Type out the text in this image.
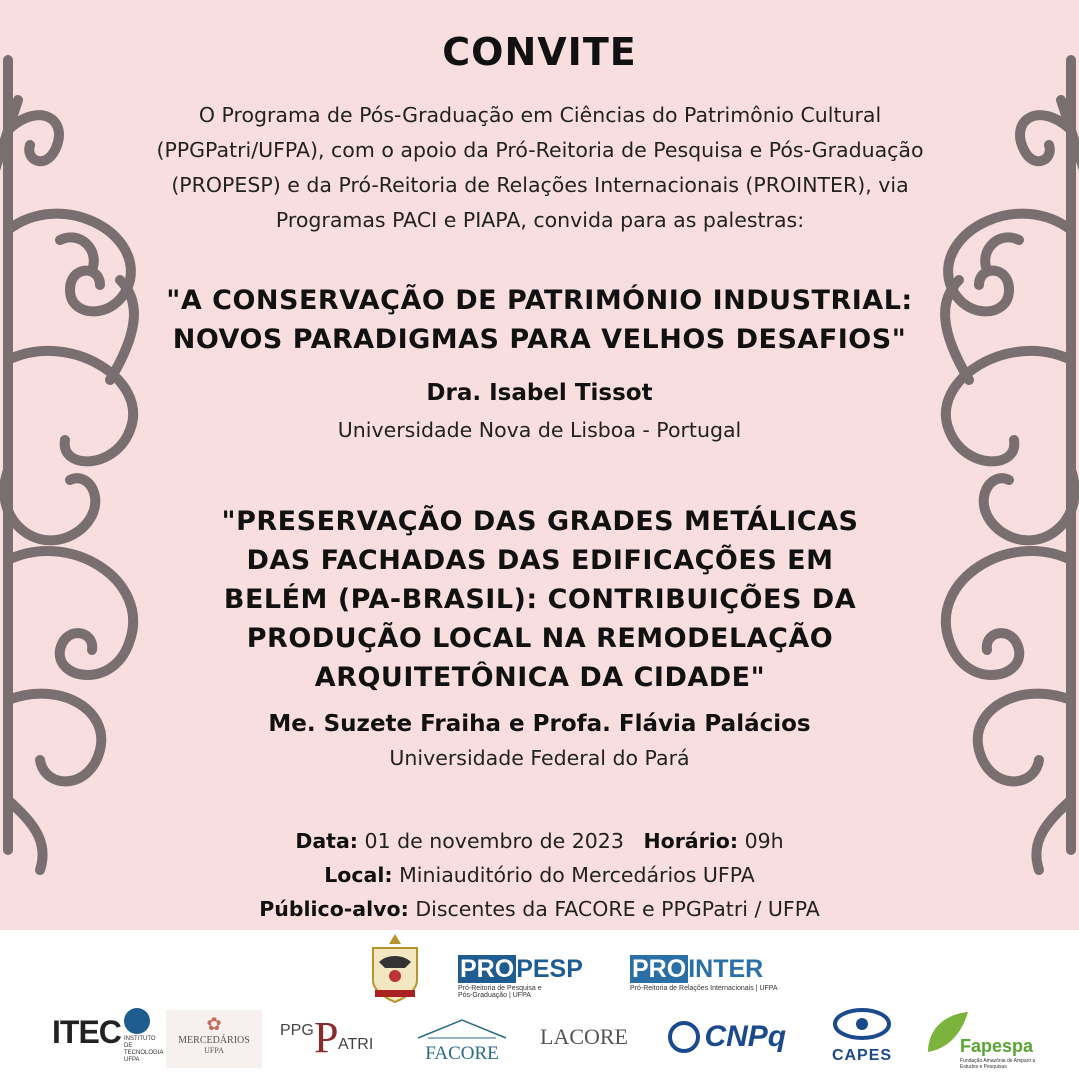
CONVITE
O Programa de Pós-Graduação em Ciências do Patrimônio Cultural (PPGPatri/UFPA), com o apoio da Pró-Reitoria de Pesquisa e Pós-Graduação (PROPESP) e da Pró-Reitoria de Relações Internacionais (PROINTER), via Programas PACI e PIAPA, convida para as palestras:
"A CONSERVAÇÃO DE PATRIMÓNIO INDUSTRIAL:
NOVOS PARADIGMAS PARA VELHOS DESAFIOS"
Dra. Isabel Tissot
Universidade Nova de Lisboa - Portugal
"PRESERVAÇÃO DAS GRADES METÁLICAS DAS FACHADAS DAS EDIFICAÇÕES EM BELÉM (PA-BRASIL): CONTRIBUIÇÕES DA PRODUÇÃO LOCAL NA REMODELAÇÃO ARQUITETÔNICA DA CIDADE"
Me. Suzete Fraiha e Profa. Flávia Palácios
Universidade Federal do Pará
Data: 01 de novembro de 2023 Horário: 09h
Local: Miniauditório do Mercedários UFPA
Público-alvo: Discentes da FACORE e PPGPatri / UFPA
PROPESP
Pró-Reitoria de Pesquisa e Pós-Graduação | UFPA
PROINTER
Pró-Reitoria de Relações Internacionais | UFPA
ITEC INSTITUTO DE TECNOLOGIA UFPA
✿
MERCEDÁRIOS
UFPA
PPG P ATRI	FACORE
LACORE	CNPq
CAPES	Fapespa
Fundação Amazônia de Amparo a Estudos e Pesquisas
